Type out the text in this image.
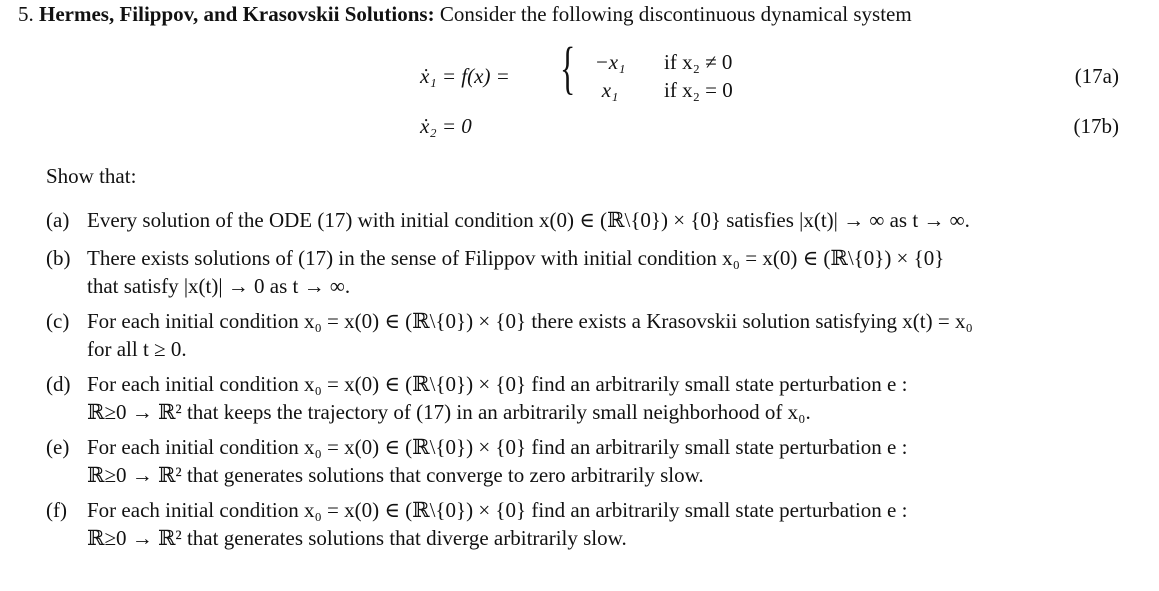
5. Hermes, Filippov, and Krasovskii Solutions: Consider the following discontinuous dynamical system
ẋ₁ = f(x) = { −x₁	if x₂ ≠ 0
x₁	if x₂ = 0
(17a)
ẋ₂ = 0	(17b)
Show that:
(a) Every solution of the ODE (17) with initial condition x(0) ∈ (ℝ\{0}) × {0} satisfies |x(t)| → ∞ as t → ∞.
(b) There exists solutions of (17) in the sense of Filippov with initial condition x₀ = x(0) ∈ (ℝ\{0}) × {0}
that satisfy |x(t)| → 0 as t → ∞.
(c) For each initial condition x₀ = x(0) ∈ (ℝ\{0}) × {0} there exists a Krasovskii solution satisfying x(t) = x₀
for all t ≥ 0.
(d) For each initial condition x₀ = x(0) ∈ (ℝ\{0}) × {0} find an arbitrarily small state perturbation e :
ℝ≥0 → ℝ² that keeps the trajectory of (17) in an arbitrarily small neighborhood of x₀.
(e) For each initial condition x₀ = x(0) ∈ (ℝ\{0}) × {0} find an arbitrarily small state perturbation e :
ℝ≥0 → ℝ² that generates solutions that converge to zero arbitrarily slow.
(f) For each initial condition x₀ = x(0) ∈ (ℝ\{0}) × {0} find an arbitrarily small state perturbation e :
ℝ≥0 → ℝ² that generates solutions that diverge arbitrarily slow.
